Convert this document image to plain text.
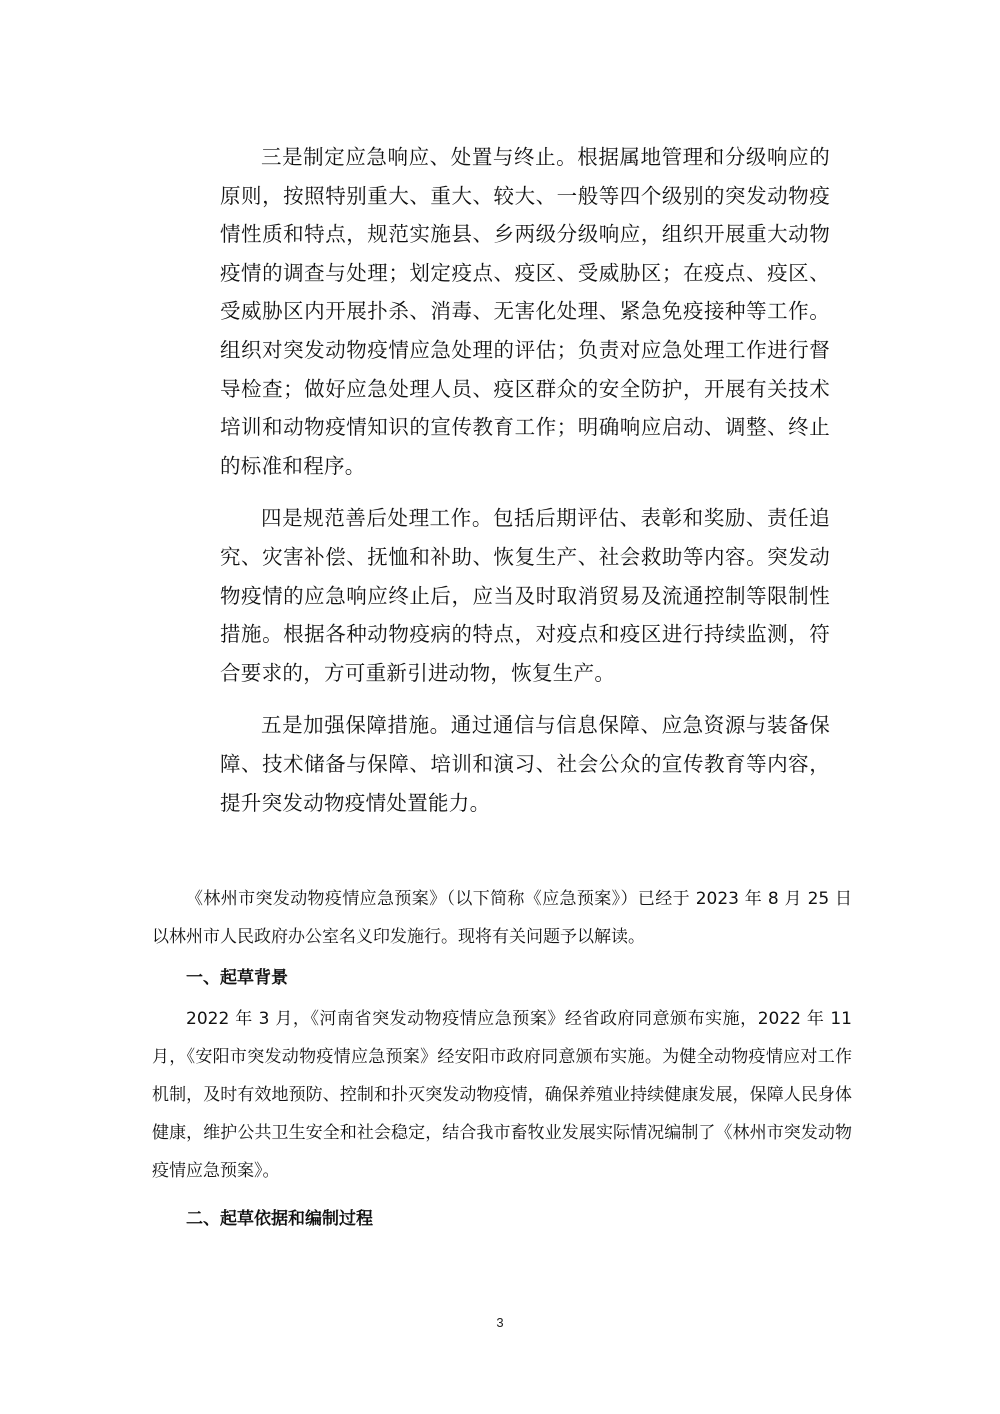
三是制定应急响应、处置与终止。根据属地管理和分级响应的原则，按照特别重大、重大、较大、一般等四个级别的突发动物疫情性质和特点，规范实施县、乡两级分级响应，组织开展重大动物疫情的调查与处理；划定疫点、疫区、受威胁区；在疫点、疫区、受威胁区内开展扑杀、消毒、无害化处理、紧急免疫接种等工作。组织对突发动物疫情应急处理的评估；负责对应急处理工作进行督导检查；做好应急处理人员、疫区群众的安全防护，开展有关技术培训和动物疫情知识的宣传教育工作；明确响应启动、调整、终止的标准和程序。

四是规范善后处理工作。包括后期评估、表彰和奖励、责任追究、灾害补偿、抚恤和补助、恢复生产、社会救助等内容。突发动物疫情的应急响应终止后，应当及时取消贸易及流通控制等限制性措施。根据各种动物疫病的特点，对疫点和疫区进行持续监测，符合要求的，方可重新引进动物，恢复生产。

五是加强保障措施。通过通信与信息保障、应急资源与装备保障、技术储备与保障、培训和演习、社会公众的宣传教育等内容，提升突发动物疫情处置能力。

《林州市突发动物疫情应急预案》（以下简称《应急预案》）已经于 2023 年 8 月 25 日以林州市人民政府办公室名义印发施行。现将有关问题予以解读。

一、起草背景

2022 年 3 月，《河南省突发动物疫情应急预案》经省政府同意颁布实施，2022 年 11 月，《安阳市突发动物疫情应急预案》经安阳市政府同意颁布实施。为健全动物疫情应对工作机制，及时有效地预防、控制和扑灭突发动物疫情，确保养殖业持续健康发展，保障人民身体健康，维护公共卫生安全和社会稳定，结合我市畜牧业发展实际情况编制了《林州市突发动物疫情应急预案》。

二、起草依据和编制过程

3
